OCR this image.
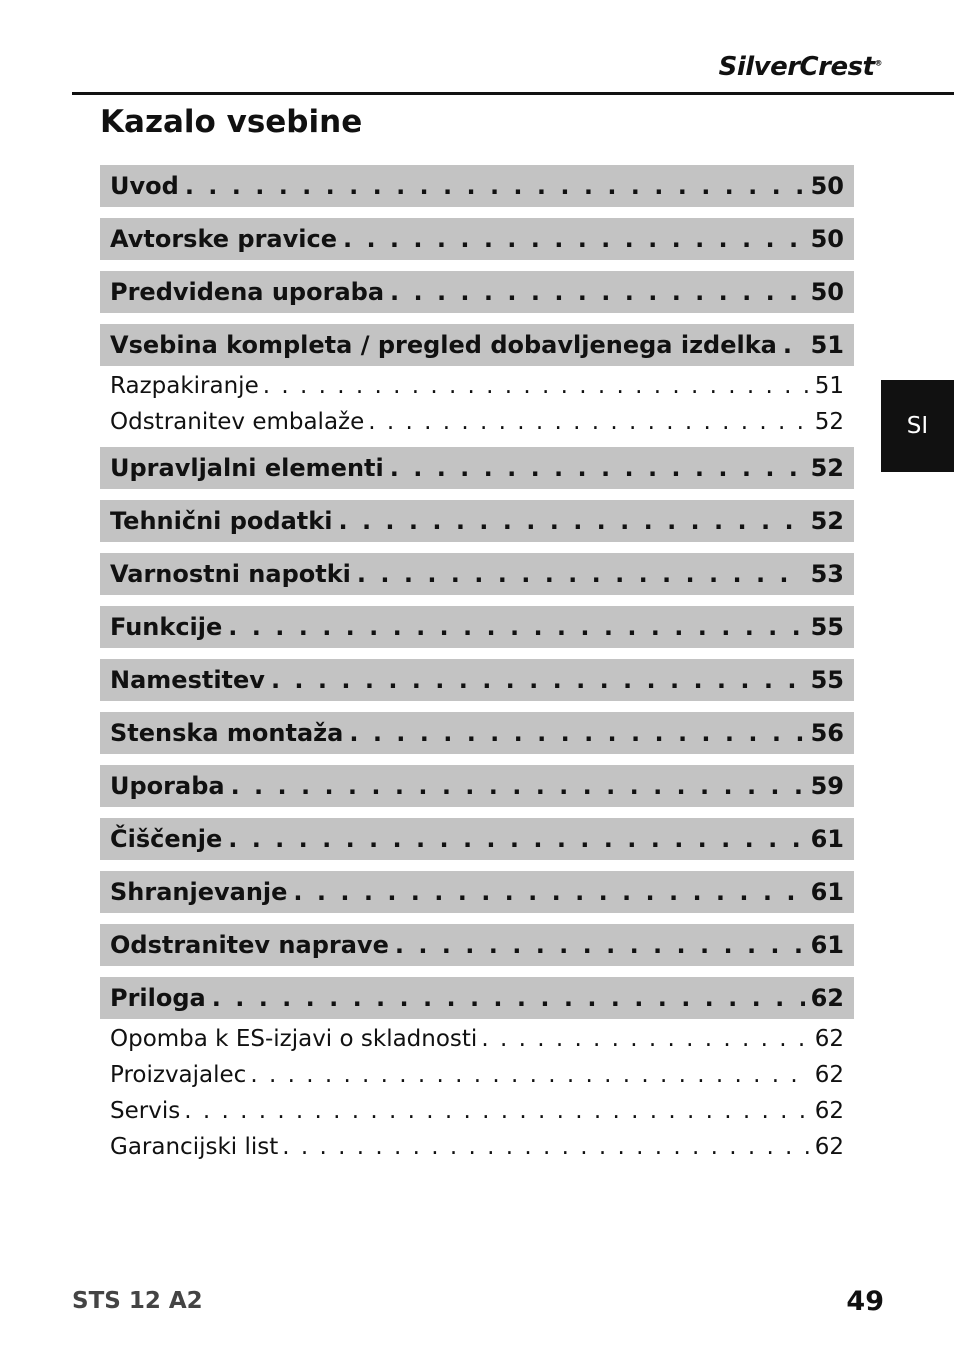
SilverCrest®
Kazalo vsebine
Uvod . . .	50
Avtorske pravice . . .	50
Predvidena uporaba . . .	50
Vsebina kompleta / pregled dobavljenega izdelka . . . 51
Razpakiranje . . .	51
Odstranitev embalaže . . .	52
Upravljalni elementi . . .	52
Tehnični podatki . . .	52
Varnostni napotki . . .	53
Funkcije . . .	55
Namestitev . . .	55
Stenska montaža . . .	56
Uporaba . . .	59
Čiščenje . . .	61
Shranjevanje . . .	61
Odstranitev naprave . . .	61
Priloga . . .	62
Opomba k ES-izjavi o skladnosti . . .	62
Proizvajalec . . .	62
Servis . . .	62
Garancijski list . . .	62
SI
STS 12 A2	49
